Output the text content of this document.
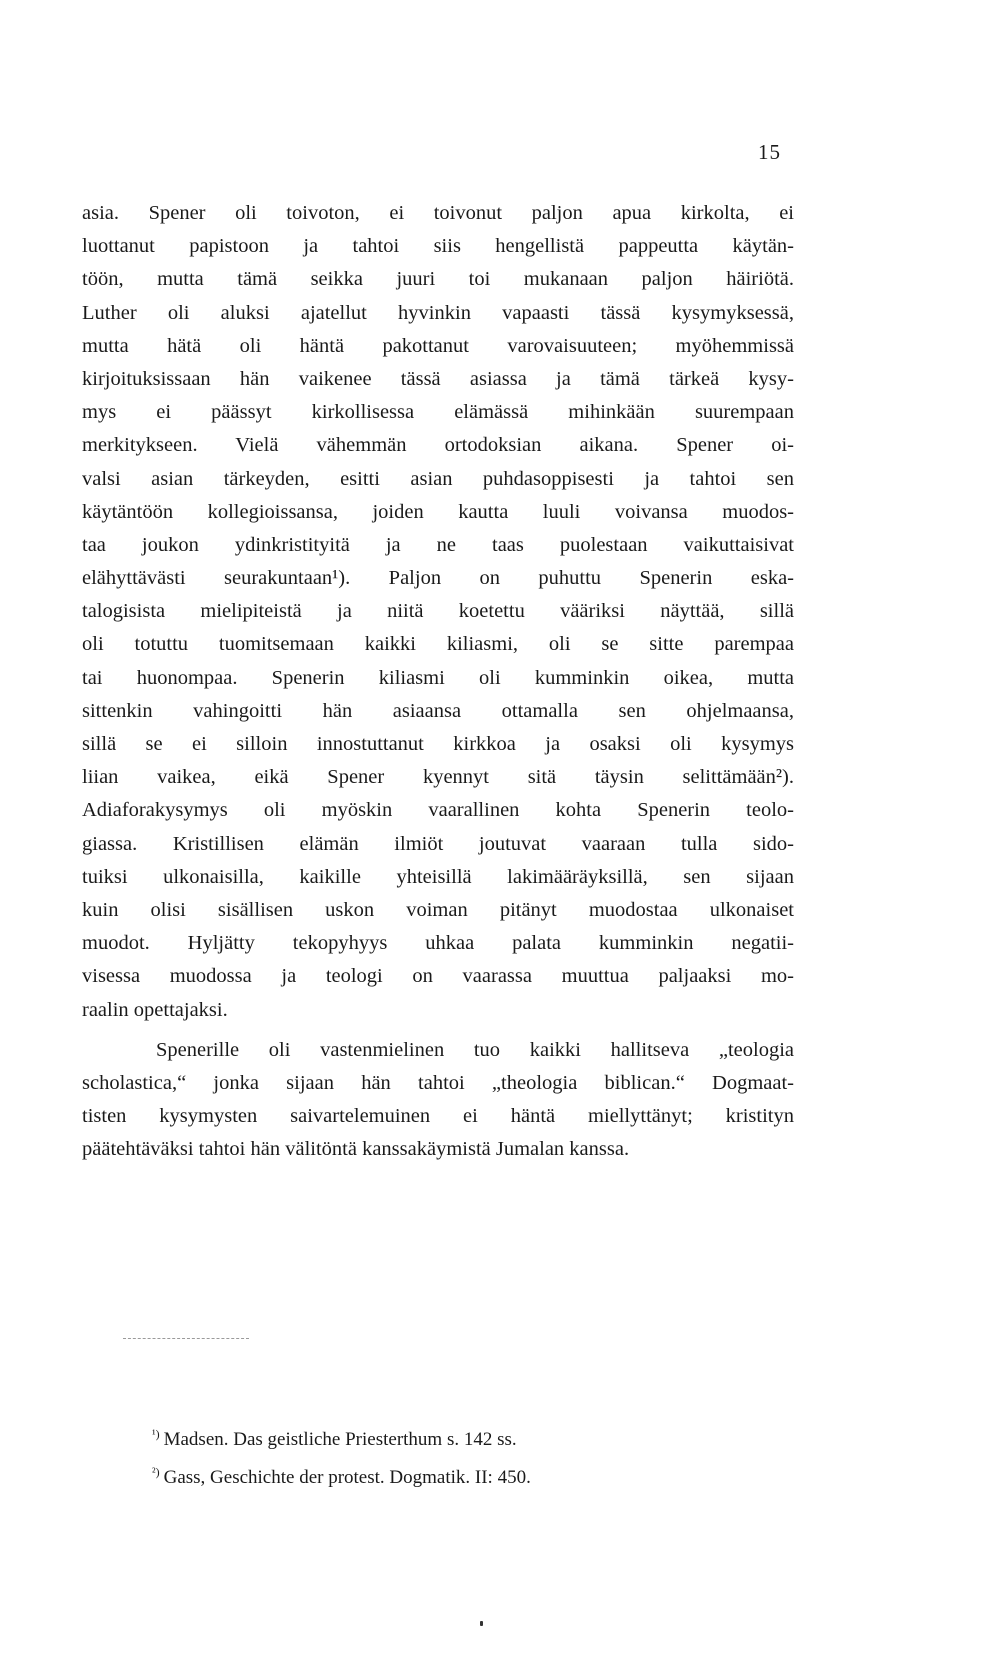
15
asia. Spener oli toivoton, ei toivonut paljon apua kirkolta, ei
luottanut papistoon ja tahtoi siis hengellistä pappeutta käytän-
töön, mutta tämä seikka juuri toi mukanaan paljon häiriötä.
Luther oli aluksi ajatellut hyvinkin vapaasti tässä kysymyksessä,
mutta hätä oli häntä pakottanut varovaisuuteen; myöhemmissä
kirjoituksissaan hän vaikenee tässä asiassa ja tämä tärkeä kysy-
mys ei päässyt kirkollisessa elämässä mihinkään suurempaan
merkitykseen. Vielä vähemmän ortodoksian aikana. Spener oi-
valsi asian tärkeyden, esitti asian puhdasoppisesti ja tahtoi sen
käytäntöön kollegioissansa, joiden kautta luuli voivansa muodos-
taa joukon ydinkristityitä ja ne taas puolestaan vaikuttaisivat
elähyttävästi seurakuntaan¹). Paljon on puhuttu Spenerin eska-
talogisista mielipiteistä ja niitä koetettu vääriksi näyttää, sillä
oli totuttu tuomitsemaan kaikki kiliasmi, oli se sitte parempaa
tai huonompaa. Spenerin kiliasmi oli kumminkin oikea, mutta
sittenkin vahingoitti hän asiaansa ottamalla sen ohjelmaansa,
sillä se ei silloin innostuttanut kirkkoa ja osaksi oli kysymys
liian vaikea, eikä Spener kyennyt sitä täysin selittämään²).
Adiaforakysymys oli myöskin vaarallinen kohta Spenerin teolo-
giassa. Kristillisen elämän ilmiöt joutuvat vaaraan tulla sido-
tuiksi ulkonaisilla, kaikille yhteisillä lakimääräyksillä, sen sijaan
kuin olisi sisällisen uskon voiman pitänyt muodostaa ulkonaiset
muodot. Hyljätty tekopyhyys uhkaa palata kumminkin negatii-
visessa muodossa ja teologi on vaarassa muuttua paljaaksi mo-
raalin opettajaksi.
Spenerille oli vastenmielinen tuo kaikki hallitseva „teologia
scholastica,“ jonka sijaan hän tahtoi „theologia biblican.“ Dogmaat-
tisten kysymysten saivartelemuinen ei häntä miellyttänyt; kristityn
päätehtäväksi tahtoi hän välitöntä kanssakäymistä Jumalan kanssa.
$^{^1)}$ Madsen. Das geistliche Priesterthum s. 142 ss.
$^{^2)}$ Gass, Geschichte der protest. Dogmatik. II: 450.
